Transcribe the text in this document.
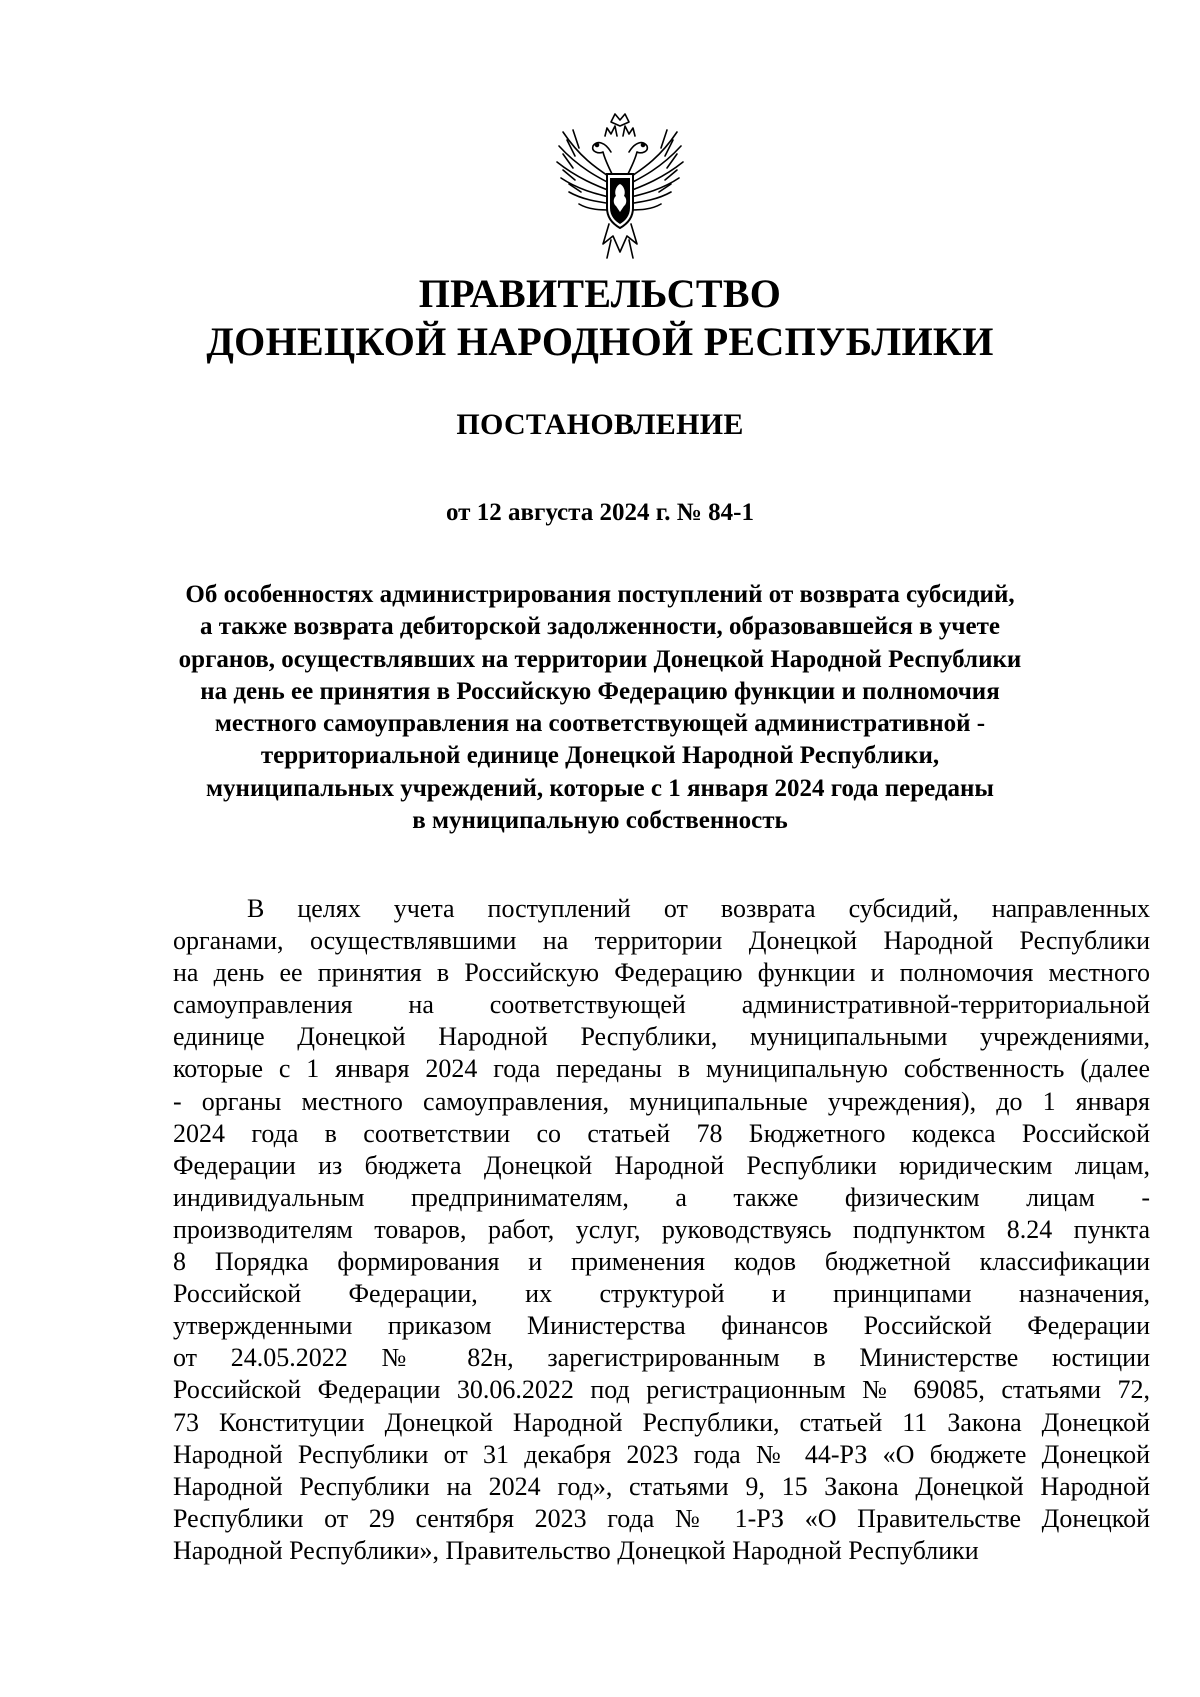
ПРАВИТЕЛЬСТВО
ДОНЕЦКОЙ НАРОДНОЙ РЕСПУБЛИКИ
ПОСТАНОВЛЕНИЕ
от 12 августа 2024 г. № 84-1
Об особенностях администрирования поступлений от возврата субсидий,
а также возврата дебиторской задолженности, образовавшейся в учете
органов, осуществлявших на территории Донецкой Народной Республики
на день ее принятия в Российскую Федерацию функции и полномочия
местного самоуправления на соответствующей административной -
территориальной единице Донецкой Народной Республики,
муниципальных учреждений, которые с 1 января 2024 года переданы
в муниципальную собственность
В целях учета поступлений от возврата субсидий, направленных
органами, осуществлявшими на территории Донецкой Народной Республики
на день ее принятия в Российскую Федерацию функции и полномочия местного
самоуправления на соответствующей административной-территориальной
единице Донецкой Народной Республики, муниципальными учреждениями,
которые с 1 января 2024 года переданы в муниципальную собственность (далее
- органы местного самоуправления, муниципальные учреждения), до 1 января
2024 года в соответствии со статьей 78 Бюджетного кодекса Российской
Федерации из бюджета Донецкой Народной Республики юридическим лицам,
индивидуальным предпринимателям, а также физическим лицам -
производителям товаров, работ, услуг, руководствуясь подпунктом 8.24 пункта
8 Порядка формирования и применения кодов бюджетной классификации
Российской Федерации, их структурой и принципами назначения,
утвержденными приказом Министерства финансов Российской Федерации
от 24.05.2022 № 82н, зарегистрированным в Министерстве юстиции
Российской Федерации 30.06.2022 под регистрационным № 69085, статьями 72,
73 Конституции Донецкой Народной Республики, статьей 11 Закона Донецкой
Народной Республики от 31 декабря 2023 года № 44-РЗ «О бюджете Донецкой
Народной Республики на 2024 год», статьями 9, 15 Закона Донецкой Народной
Республики от 29 сентября 2023 года № 1-РЗ «О Правительстве Донецкой
Народной Республики», Правительство Донецкой Народной Республики
